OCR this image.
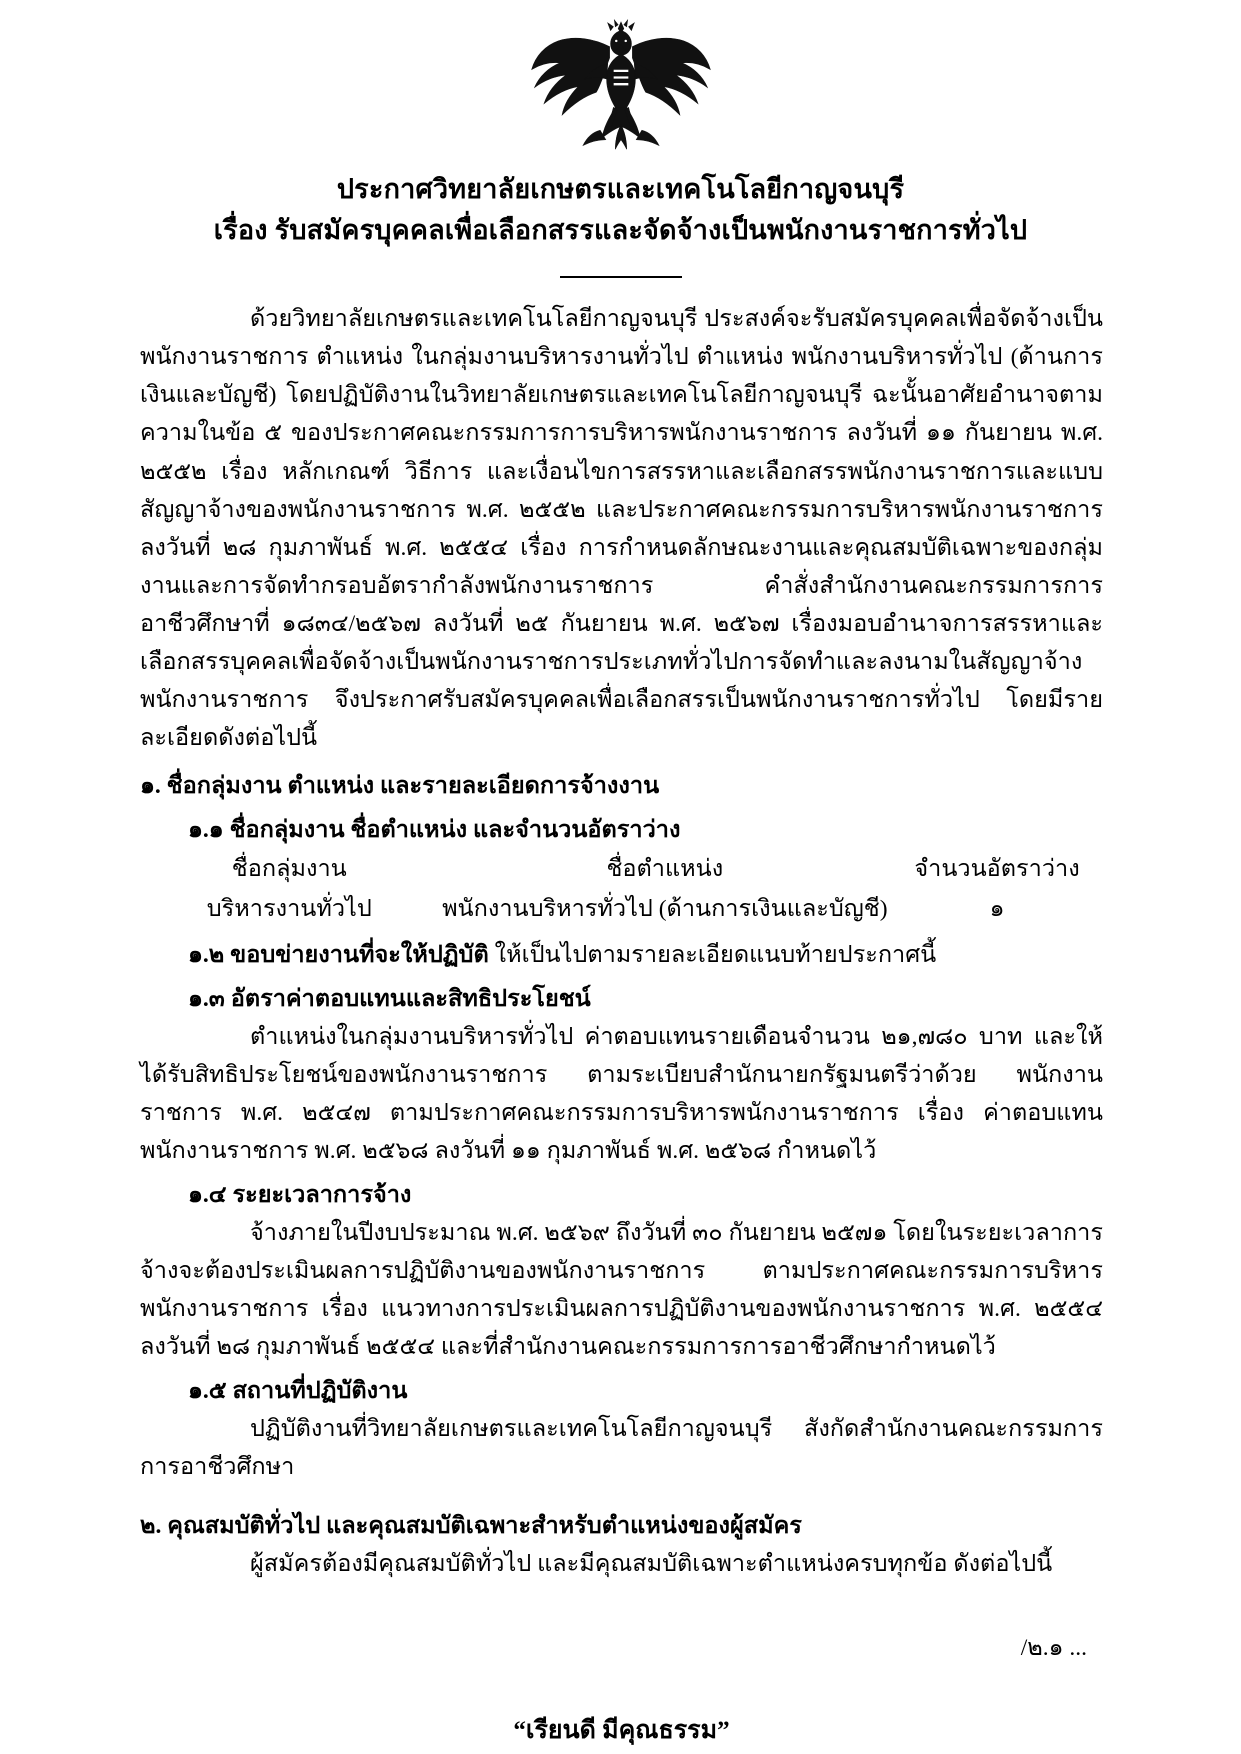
ประกาศวิทยาลัยเกษตรและเทคโนโลยีกาญจนบุรี
เรื่อง รับสมัครบุคคลเพื่อเลือกสรรและจัดจ้างเป็นพนักงานราชการทั่วไป

ด้วยวิทยาลัยเกษตรและเทคโนโลยีกาญจนบุรี ประสงค์จะรับสมัครบุคคลเพื่อจัดจ้างเป็นพนักงานราชการ ตำแหน่ง ในกลุ่มงานบริหารงานทั่วไป ตำแหน่ง พนักงานบริหารทั่วไป (ด้านการเงินและบัญชี) โดยปฏิบัติงานในวิทยาลัยเกษตรและเทคโนโลยีกาญจนบุรี ฉะนั้นอาศัยอำนาจตามความในข้อ ๕ ของประกาศคณะกรรมการการบริหารพนักงานราชการ ลงวันที่ ๑๑ กันยายน พ.ศ. ๒๕๕๒ เรื่อง หลักเกณฑ์ วิธีการ และเงื่อนไขการสรรหาและเลือกสรรพนักงานราชการและแบบสัญญาจ้างของพนักงานราชการ พ.ศ. ๒๕๕๒ และประกาศคณะกรรมการบริหารพนักงานราชการ ลงวันที่ ๒๘ กุมภาพันธ์ พ.ศ. ๒๕๕๔ เรื่อง การกำหนดลักษณะงานและคุณสมบัติเฉพาะของกลุ่มงานและการจัดทำกรอบอัตรากำลังพนักงานราชการ คำสั่งสำนักงานคณะกรรมการการอาชีวศึกษาที่ ๑๘๓๔/๒๕๖๗ ลงวันที่ ๒๕ กันยายน พ.ศ. ๒๕๖๗ เรื่องมอบอำนาจการสรรหาและเลือกสรรบุคคลเพื่อจัดจ้างเป็นพนักงานราชการประเภททั่วไปการจัดทำและลงนามในสัญญาจ้างพนักงานราชการ จึงประกาศรับสมัครบุคคลเพื่อเลือกสรรเป็นพนักงานราชการทั่วไป โดยมีรายละเอียดดังต่อไปนี้

๑. ชื่อกลุ่มงาน ตำแหน่ง และรายละเอียดการจ้างงาน
๑.๑ ชื่อกลุ่มงาน ชื่อตำแหน่ง และจำนวนอัตราว่าง
ชื่อกลุ่มงาน	ชื่อตำแหน่ง	จำนวนอัตราว่าง
บริหารงานทั่วไป	พนักงานบริหารทั่วไป (ด้านการเงินและบัญชี)	๑
๑.๒ ขอบข่ายงานที่จะให้ปฏิบัติ ให้เป็นไปตามรายละเอียดแนบท้ายประกาศนี้
๑.๓ อัตราค่าตอบแทนและสิทธิประโยชน์

ตำแหน่งในกลุ่มงานบริหารทั่วไป ค่าตอบแทนรายเดือนจำนวน ๒๑,๗๘๐ บาท และให้ได้รับสิทธิประโยชน์ของพนักงานราชการ ตามระเบียบสำนักนายกรัฐมนตรีว่าด้วย พนักงานราชการ พ.ศ. ๒๕๔๗ ตามประกาศคณะกรรมการบริหารพนักงานราชการ เรื่อง ค่าตอบแทนพนักงานราชการ พ.ศ. ๒๕๖๘ ลงวันที่ ๑๑ กุมภาพันธ์ พ.ศ. ๒๕๖๘ กำหนดไว้

๑.๔ ระยะเวลาการจ้าง

จ้างภายในปีงบประมาณ พ.ศ. ๒๕๖๙ ถึงวันที่ ๓๐ กันยายน ๒๕๗๑ โดยในระยะเวลาการจ้างจะต้องประเมินผลการปฏิบัติงานของพนักงานราชการ ตามประกาศคณะกรรมการบริหารพนักงานราชการ เรื่อง แนวทางการประเมินผลการปฏิบัติงานของพนักงานราชการ พ.ศ. ๒๕๕๔ ลงวันที่ ๒๘ กุมภาพันธ์ ๒๕๕๔ และที่สำนักงานคณะกรรมการการอาชีวศึกษากำหนดไว้

๑.๕ สถานที่ปฏิบัติงาน

ปฏิบัติงานที่วิทยาลัยเกษตรและเทคโนโลยีกาญจนบุรี สังกัดสำนักงานคณะกรรมการการอาชีวศึกษา

๒. คุณสมบัติทั่วไป และคุณสมบัติเฉพาะสำหรับตำแหน่งของผู้สมัคร

ผู้สมัครต้องมีคุณสมบัติทั่วไป และมีคุณสมบัติเฉพาะตำแหน่งครบทุกข้อ ดังต่อไปนี้

/๒.๑ ...
“เรียนดี มีคุณธรรม”
